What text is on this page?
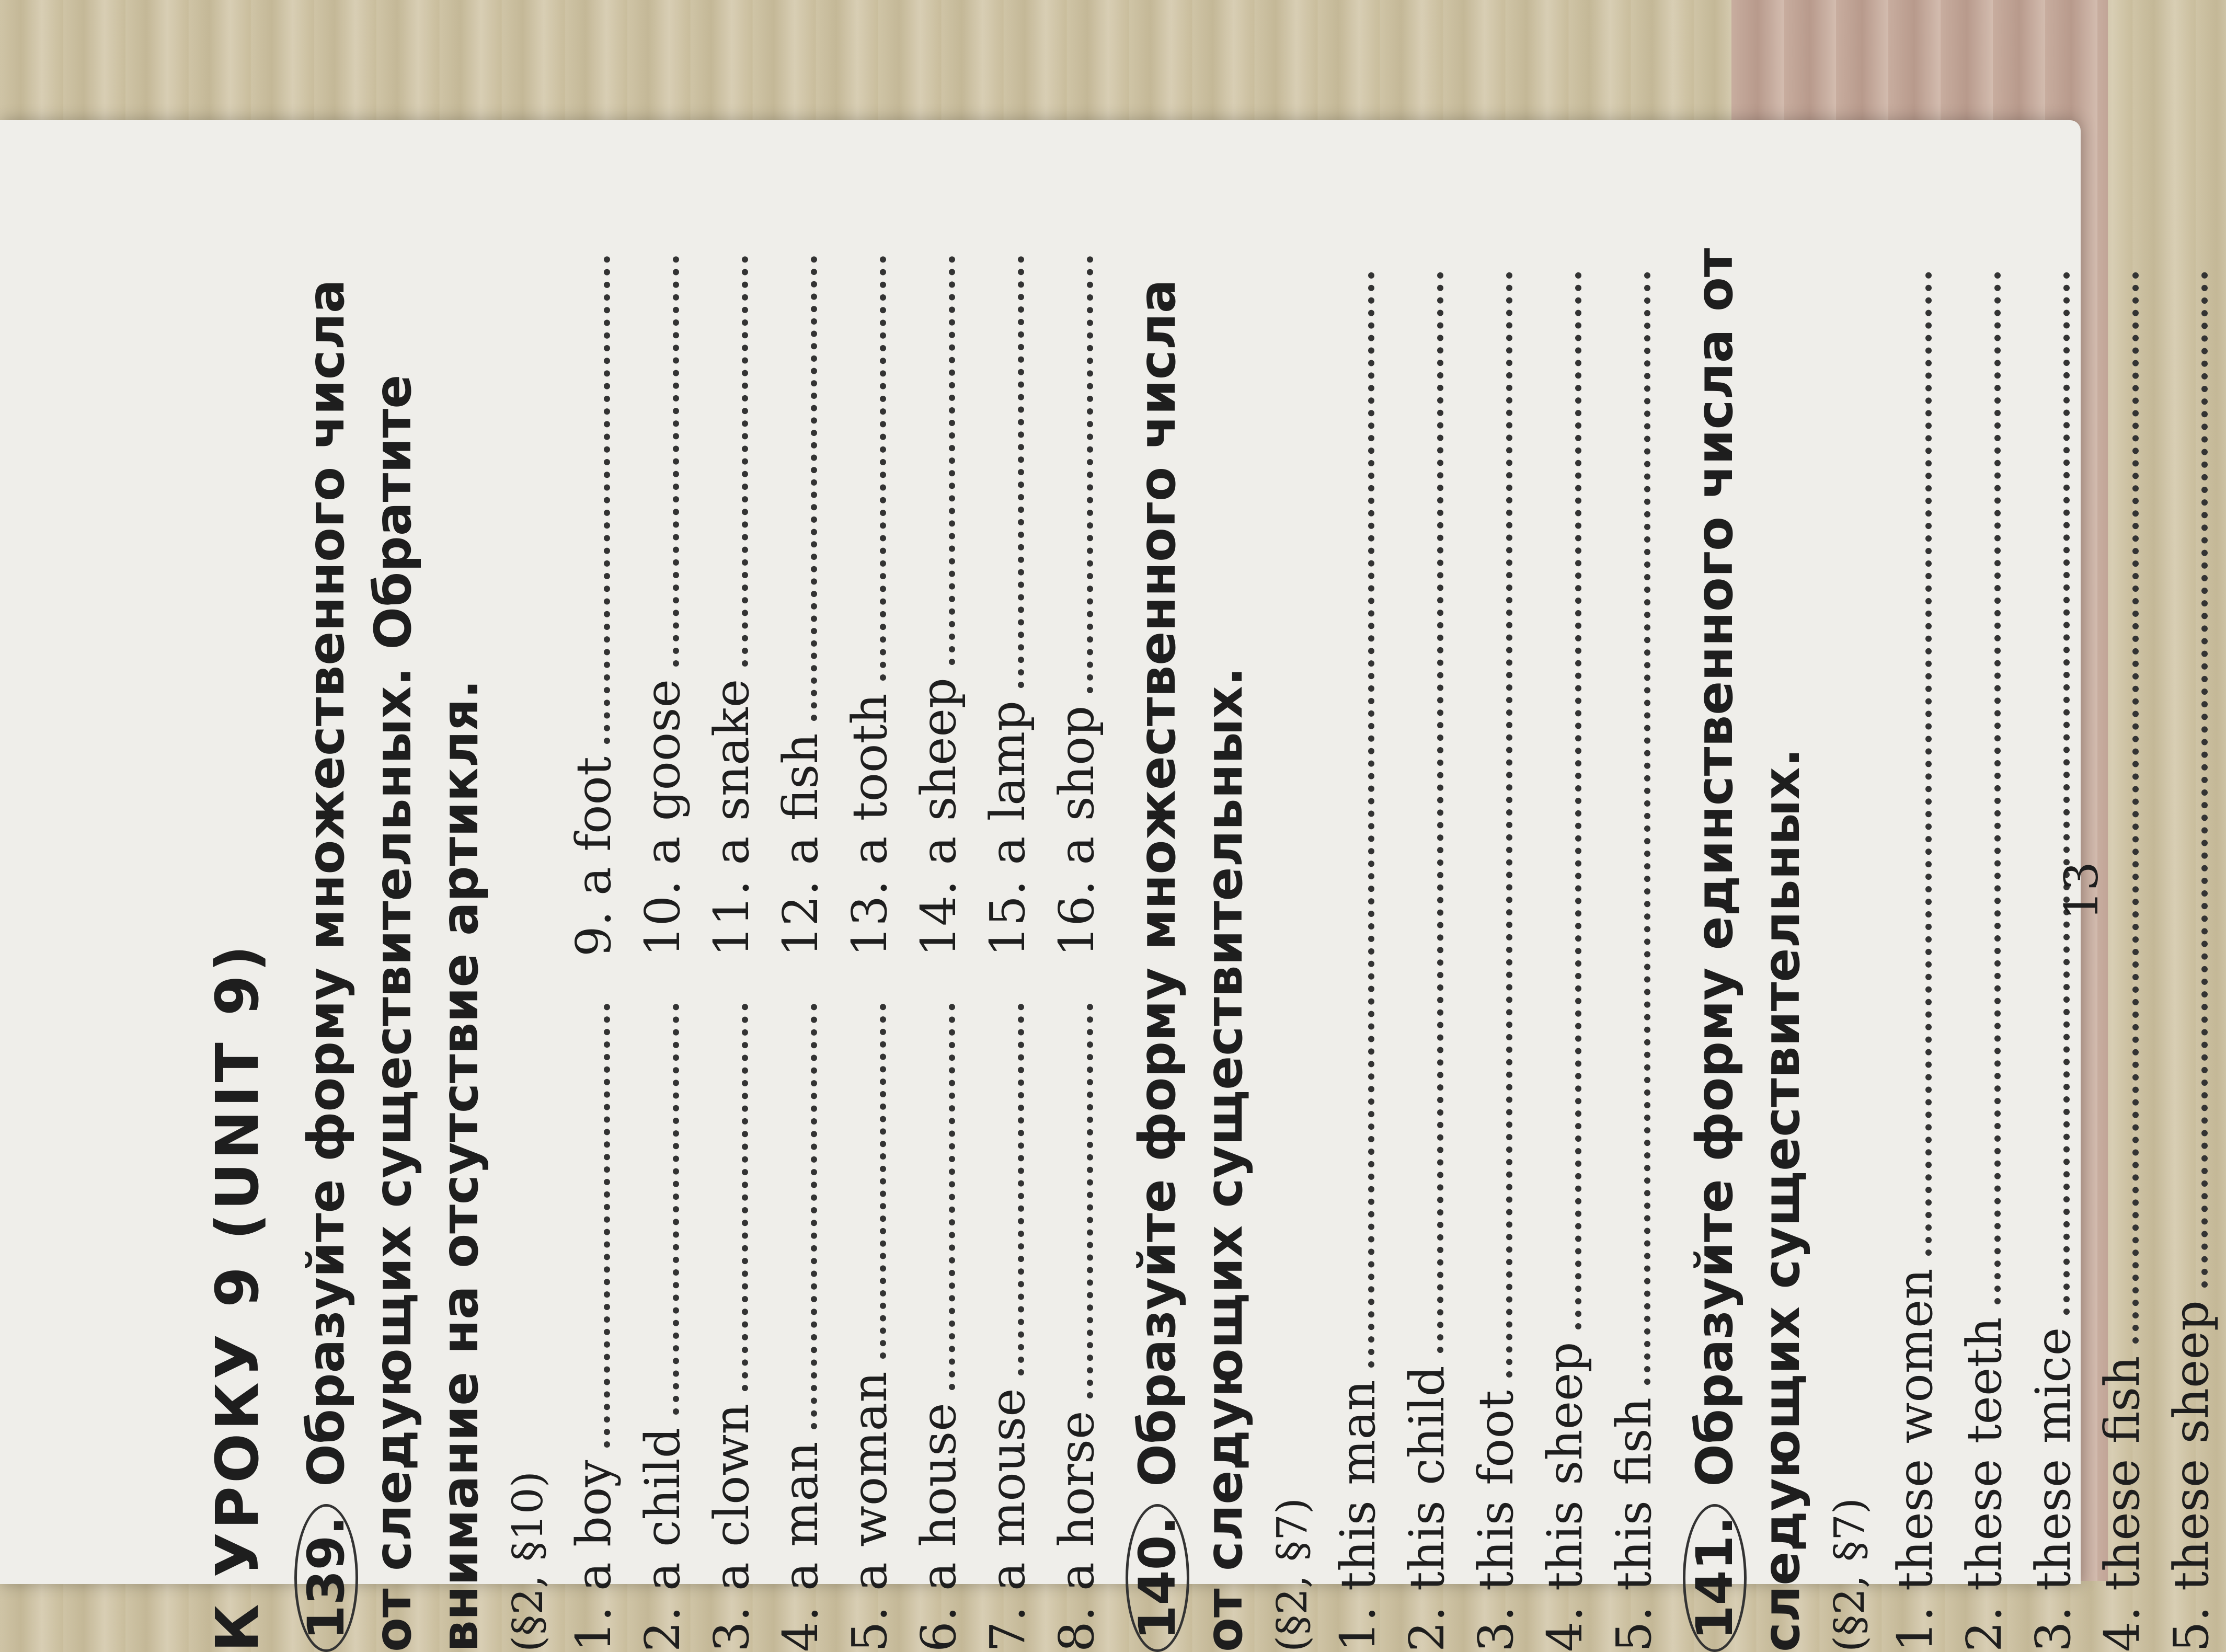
К УРОКУ 9 (UNIT 9) 139. Образуйте форму множественного числа от следующих существительных. Обратите внимание на отсутствие артикля. (§2, §10) 1. a boy 2. a child 3. a clown 4. a man 5. a woman 6. a house 7. a mouse 8. a horse
9. a foot 10. a goose 11. a snake 12. a fish 13. a tooth 14. a sheep 15. a lamp 16. a shop

140. Образуйте форму множественного числа от следующих существительных. (§2, §7) 1. this man 2. this child 3. this foot 4. this sheep 5. this fish 141. Образуйте форму единственного числа от следующих существительных. (§2, §7) 1. these women 2. these teeth 3. these mice 4. these fish 5. these sheep
13
